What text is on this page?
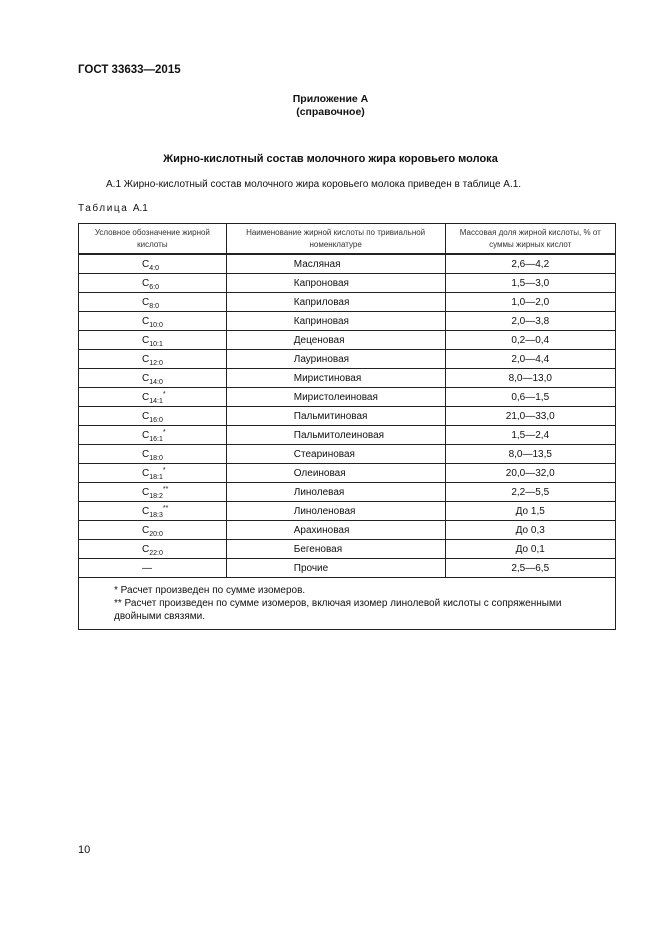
ГОСТ 33633—2015
Приложение А
(справочное)
Жирно-кислотный состав молочного жира коровьего молока
А.1 Жирно-кислотный состав молочного жира коровьего молока приведен в таблице А.1.
Таблица А.1
Условное обозначение жирной кислоты	Наименование жирной кислоты по тривиальной номенклатуре	Массовая доля жирной кислоты, % от суммы жирных кислот
$C_{4:0}$	Масляная	2,6—4,2
$C_{6:0}$	Капроновая	1,5—3,0
$C_{8:0}$	Каприловая	1,0—2,0
$C_{10:0}$	Каприновая	2,0—3,8
$C_{10:1}$	Деценовая	0,2—0,4
$C_{12:0}$	Лауриновая	2,0—4,4
$C_{14:0}$	Миристиновая	8,0—13,0
$C_{14:1}^*$	Миристолеиновая	0,6—1,5
$C_{16:0}$	Пальмитиновая	21,0—33,0
$C_{16:1}^*$	Пальмитолеиновая	1,5—2,4
$C_{18:0}$	Стеариновая	8,0—13,5
$C_{18:1}^*$	Олеиновая	20,0—32,0
$C_{18:2}^{**}$	Линолевая	2,2—5,5
$C_{18:3}^{**}$	Линоленовая	До 1,5
$C_{20:0}$	Арахиновая	До 0,3
$C_{22:0}$	Бегеновая	До 0,1
—	Прочие	2,5—6,5

* Расчет произведен по сумме изомеров.
** Расчет произведен по сумме изомеров, включая изомер линолевой кислоты с сопряженными двойными связями.		
10
